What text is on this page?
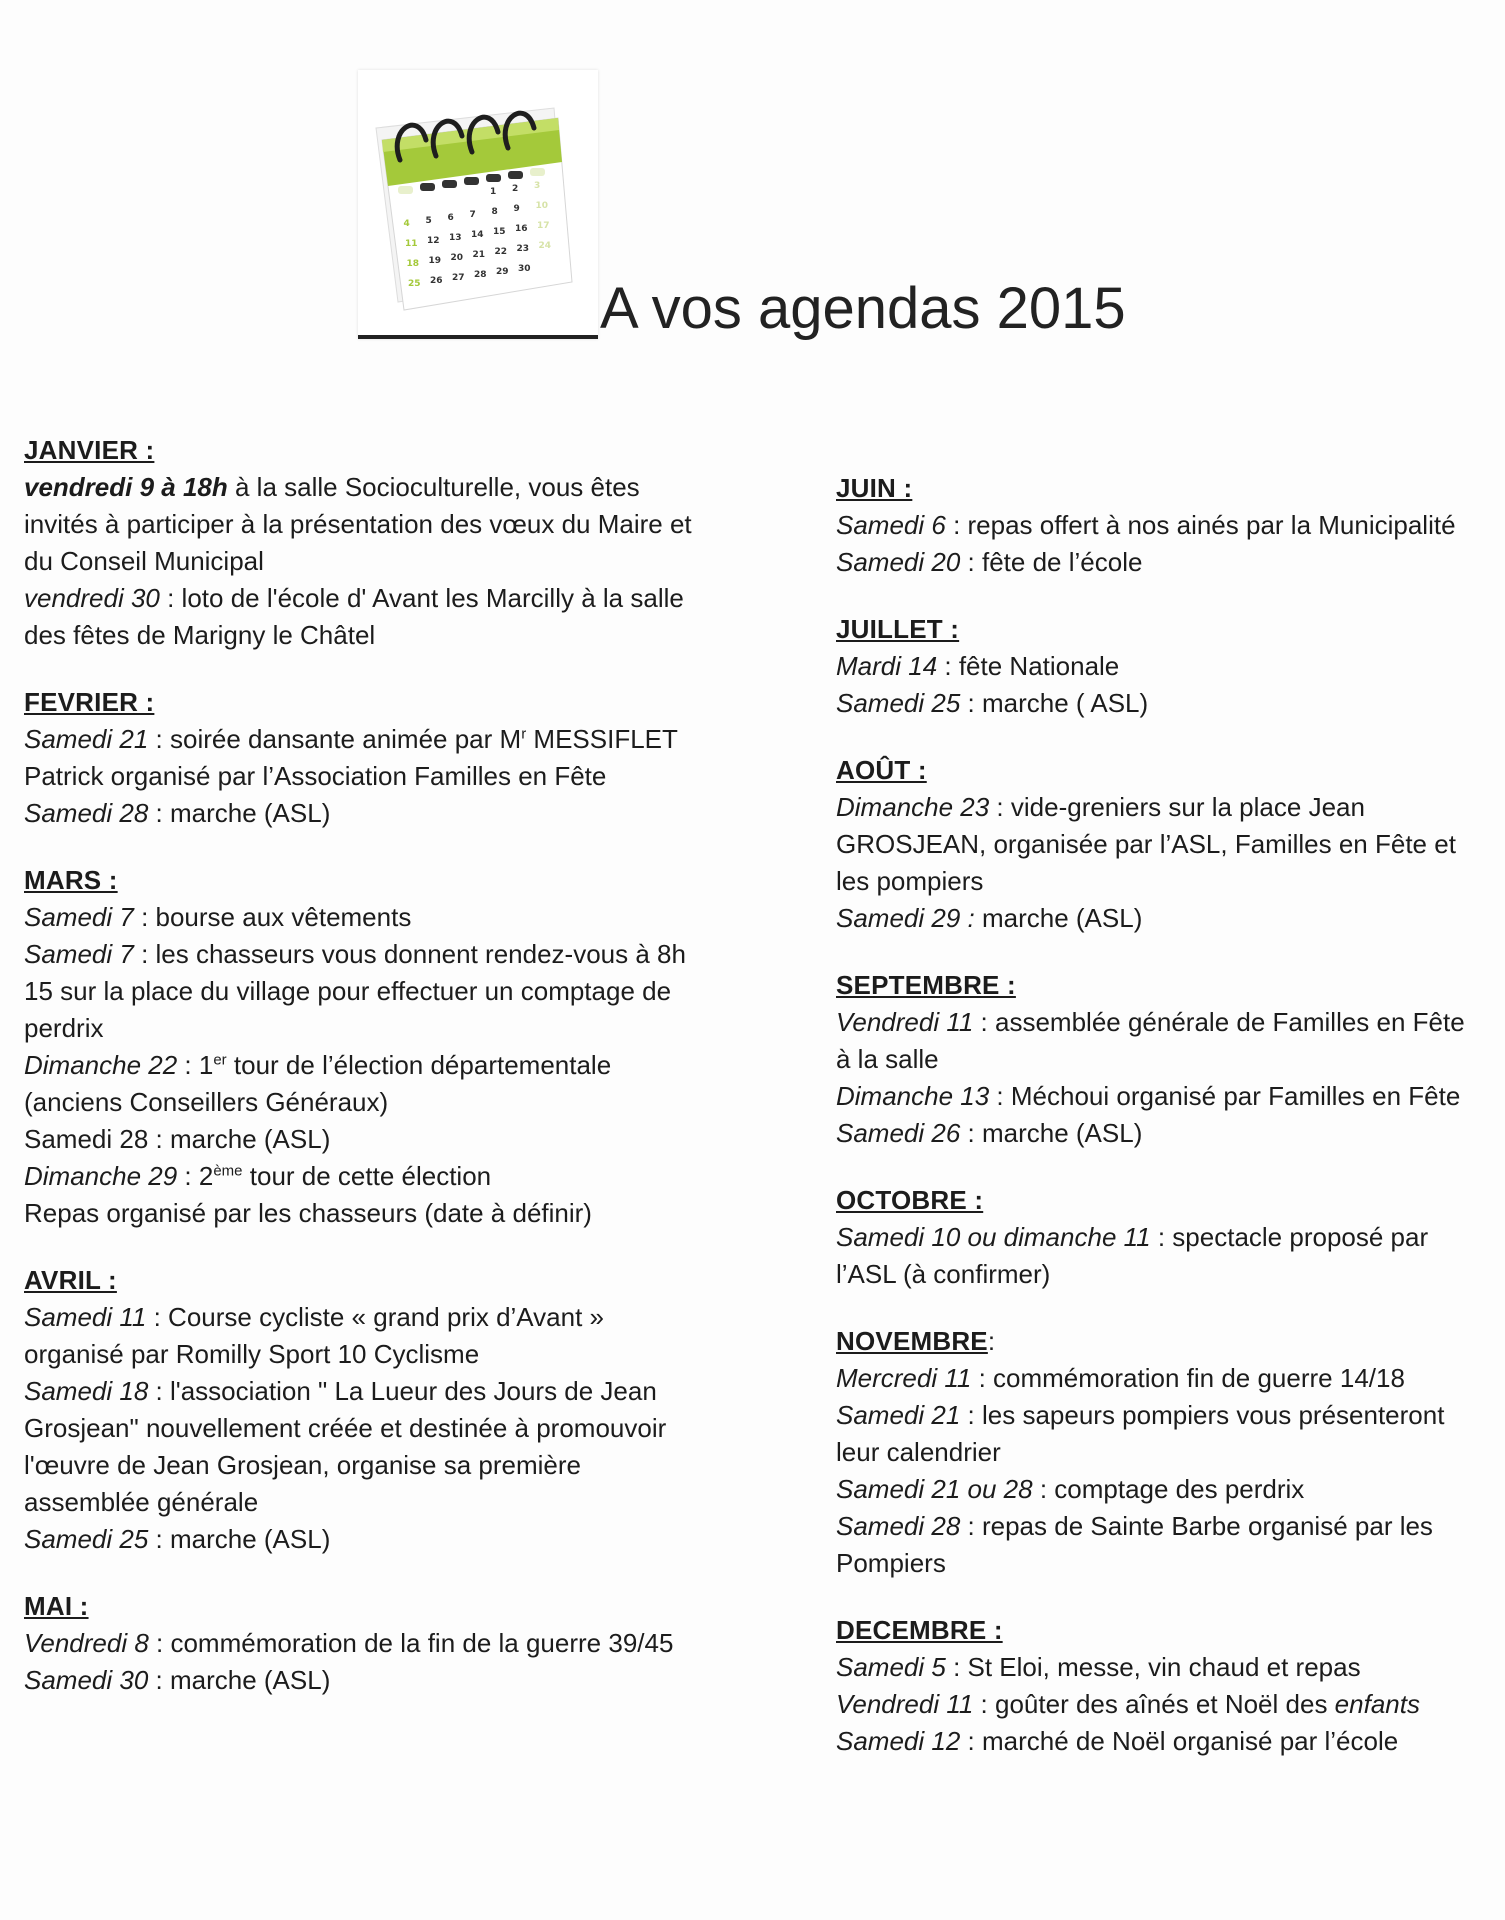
1 2 3
4 5 6 7 8 9 10
11 12 13 14 15 16 17
18 19 20 21 22 23 24
25 26 27 28 29 30
A vos agendas 2015
JANVIER :
vendredi 9 à 18h à la salle Socioculturelle, vous êtes invités à participer à la présentation des vœux du Maire et du Conseil Municipal
vendredi 30 : loto de l'école d' Avant les Marcilly à la salle des fêtes de Marigny le Châtel
FEVRIER :
Samedi 21 : soirée dansante animée par $M^r$ MESSIFLET Patrick organisé par l’Association Familles en Fête
Samedi 28 : marche (ASL)
MARS :
Samedi 7 : bourse aux vêtements
Samedi 7 : les chasseurs vous donnent rendez-vous à 8h 15 sur la place du village pour effectuer un comptage de perdrix
Dimanche 22 : 1er tour de l’élection départementale (anciens Conseillers Généraux)
Samedi 28 : marche (ASL)
Dimanche 29 : 2ème tour de cette élection
Repas organisé par les chasseurs (date à définir)
AVRIL :
Samedi 11 : Course cycliste « grand prix d’Avant » organisé par Romilly Sport 10 Cyclisme
Samedi 18 : l'association " La Lueur des Jours de Jean Grosjean" nouvellement créée et destinée à promouvoir l'œuvre de Jean Grosjean, organise sa première assemblée générale
Samedi 25 : marche (ASL)
MAI :
Vendredi 8 : commémoration de la fin de la guerre 39/45
Samedi 30 : marche (ASL)
JUIN :
Samedi 6 : repas offert à nos ainés par la Municipalité
Samedi 20 : fête de l’école
JUILLET :
Mardi 14 : fête Nationale
Samedi 25 : marche ( ASL)
AOÛT :
Dimanche 23 : vide-greniers sur la place Jean GROSJEAN, organisée par l’ASL, Familles en Fête et les pompiers
Samedi 29 : marche (ASL)
SEPTEMBRE :
Vendredi 11 : assemblée générale de Familles en Fête à la salle
Dimanche 13 : Méchoui organisé par Familles en Fête
Samedi 26 : marche (ASL)
OCTOBRE :
Samedi 10 ou dimanche 11 : spectacle proposé par l’ASL (à confirmer)
NOVEMBRE:
Mercredi 11 : commémoration fin de guerre 14/18
Samedi 21 : les sapeurs pompiers vous présenteront leur calendrier
Samedi 21 ou 28 : comptage des perdrix
Samedi 28 : repas de Sainte Barbe organisé par les Pompiers
DECEMBRE :
Samedi 5 : St Eloi, messe, vin chaud et repas
Vendredi 11 : goûter des aînés et Noël des enfants
Samedi 12 : marché de Noël organisé par l’école
